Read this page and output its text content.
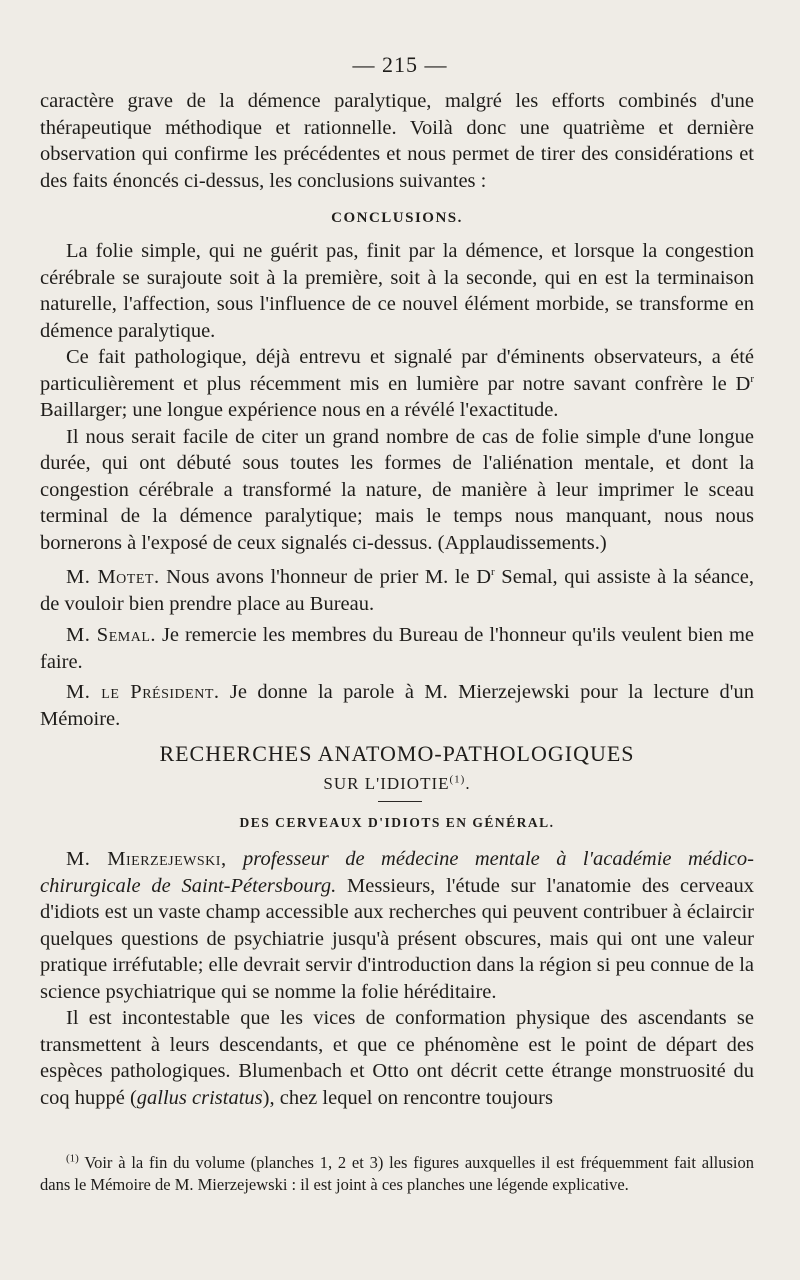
— 215 —

caractère grave de la démence paralytique, malgré les efforts combinés d'une thérapeutique méthodique et rationnelle. Voilà donc une quatrième et dernière observation qui confirme les précédentes et nous permet de tirer des considérations et des faits énoncés ci-dessus, les conclusions suivantes :

CONCLUSIONS.

La folie simple, qui ne guérit pas, finit par la démence, et lorsque la congestion cérébrale se surajoute soit à la première, soit à la seconde, qui en est la terminaison naturelle, l'affection, sous l'influence de ce nouvel élément morbide, se transforme en démence paralytique.

Ce fait pathologique, déjà entrevu et signalé par d'éminents observateurs, a été particulièrement et plus récemment mis en lumière par notre savant confrère le $D^r$ Baillarger; une longue expérience nous en a révélé l'exactitude.

Il nous serait facile de citer un grand nombre de cas de folie simple d'une longue durée, qui ont débuté sous toutes les formes de l'aliénation mentale, et dont la congestion cérébrale a transformé la nature, de manière à leur imprimer le sceau terminal de la démence paralytique; mais le temps nous manquant, nous nous bornerons à l'exposé de ceux signalés ci-dessus. (Applaudissements.)

M. Motet. Nous avons l'honneur de prier M. le $D^r$ Semal, qui assiste à la séance, de vouloir bien prendre place au Bureau.

M. Semal. Je remercie les membres du Bureau de l'honneur qu'ils veulent bien me faire.

M. le Président. Je donne la parole à M. Mierzejewski pour la lecture d'un Mémoire.

RECHERCHES ANATOMO-PATHOLOGIQUES
SUR L'IDIOTIE$^{(1)}$.
DES CERVEAUX D'IDIOTS EN GÉNÉRAL.

M. Mierzejewski, professeur de médecine mentale à l'académie médico-chirurgicale de Saint-Pétersbourg. Messieurs, l'étude sur l'anatomie des cerveaux d'idiots est un vaste champ accessible aux recherches qui peuvent contribuer à éclaircir quelques questions de psychiatrie jusqu'à présent obscures, mais qui ont une valeur pratique irréfutable; elle devrait servir d'introduction dans la région si peu connue de la science psychiatrique qui se nomme la folie héréditaire.

Il est incontestable que les vices de conformation physique des ascendants se transmettent à leurs descendants, et que ce phénomène est le point de départ des espèces pathologiques. Blumenbach et Otto ont décrit cette étrange monstruosité du coq huppé (gallus cristatus), chez lequel on rencontre toujours

$^{(1)}$ Voir à la fin du volume (planches 1, 2 et 3) les figures auxquelles il est fréquemment fait allusion dans le Mémoire de M. Mierzejewski : il est joint à ces planches une légende explicative.
